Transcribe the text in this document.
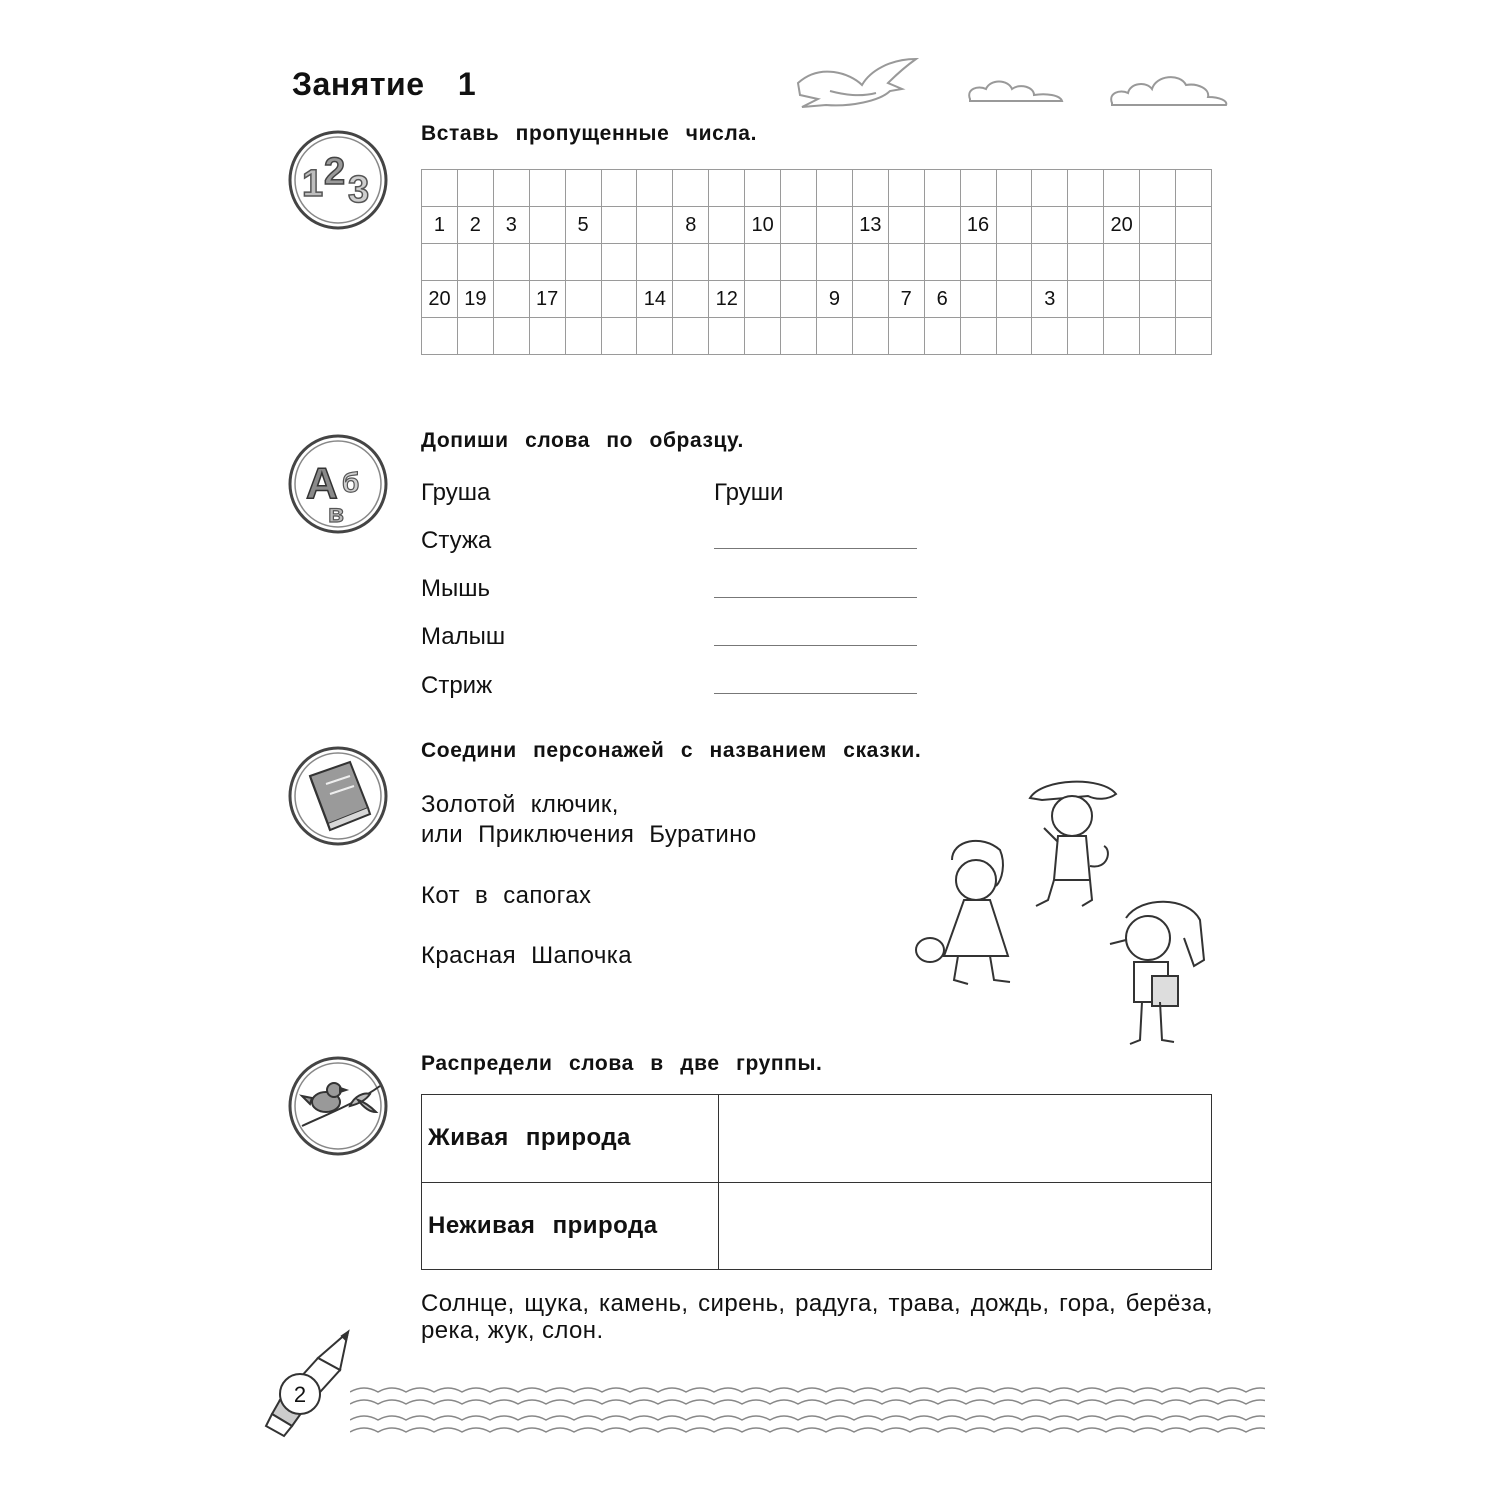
Занятие 1
1 2 3
Вставь пропущенные числа.

1	2	3		5			8		10			13			16				20		

20	19		17			14		12			9		7	6			3				

A б
в
Допиши слова по образцу.
Груша	Груши
Стужа
Мышь
Малыш
Стриж
Соедини персонажей с названием сказки.
Золотой ключик,
или Приключения Буратино
Кот в сапогах
Красная Шапочка
Распредели слова в две группы.
Живая природа	
Неживая природа	
Солнце, щука, камень, сирень, радуга, трава, дождь, гора, берёза, река, жук, слон.
2
